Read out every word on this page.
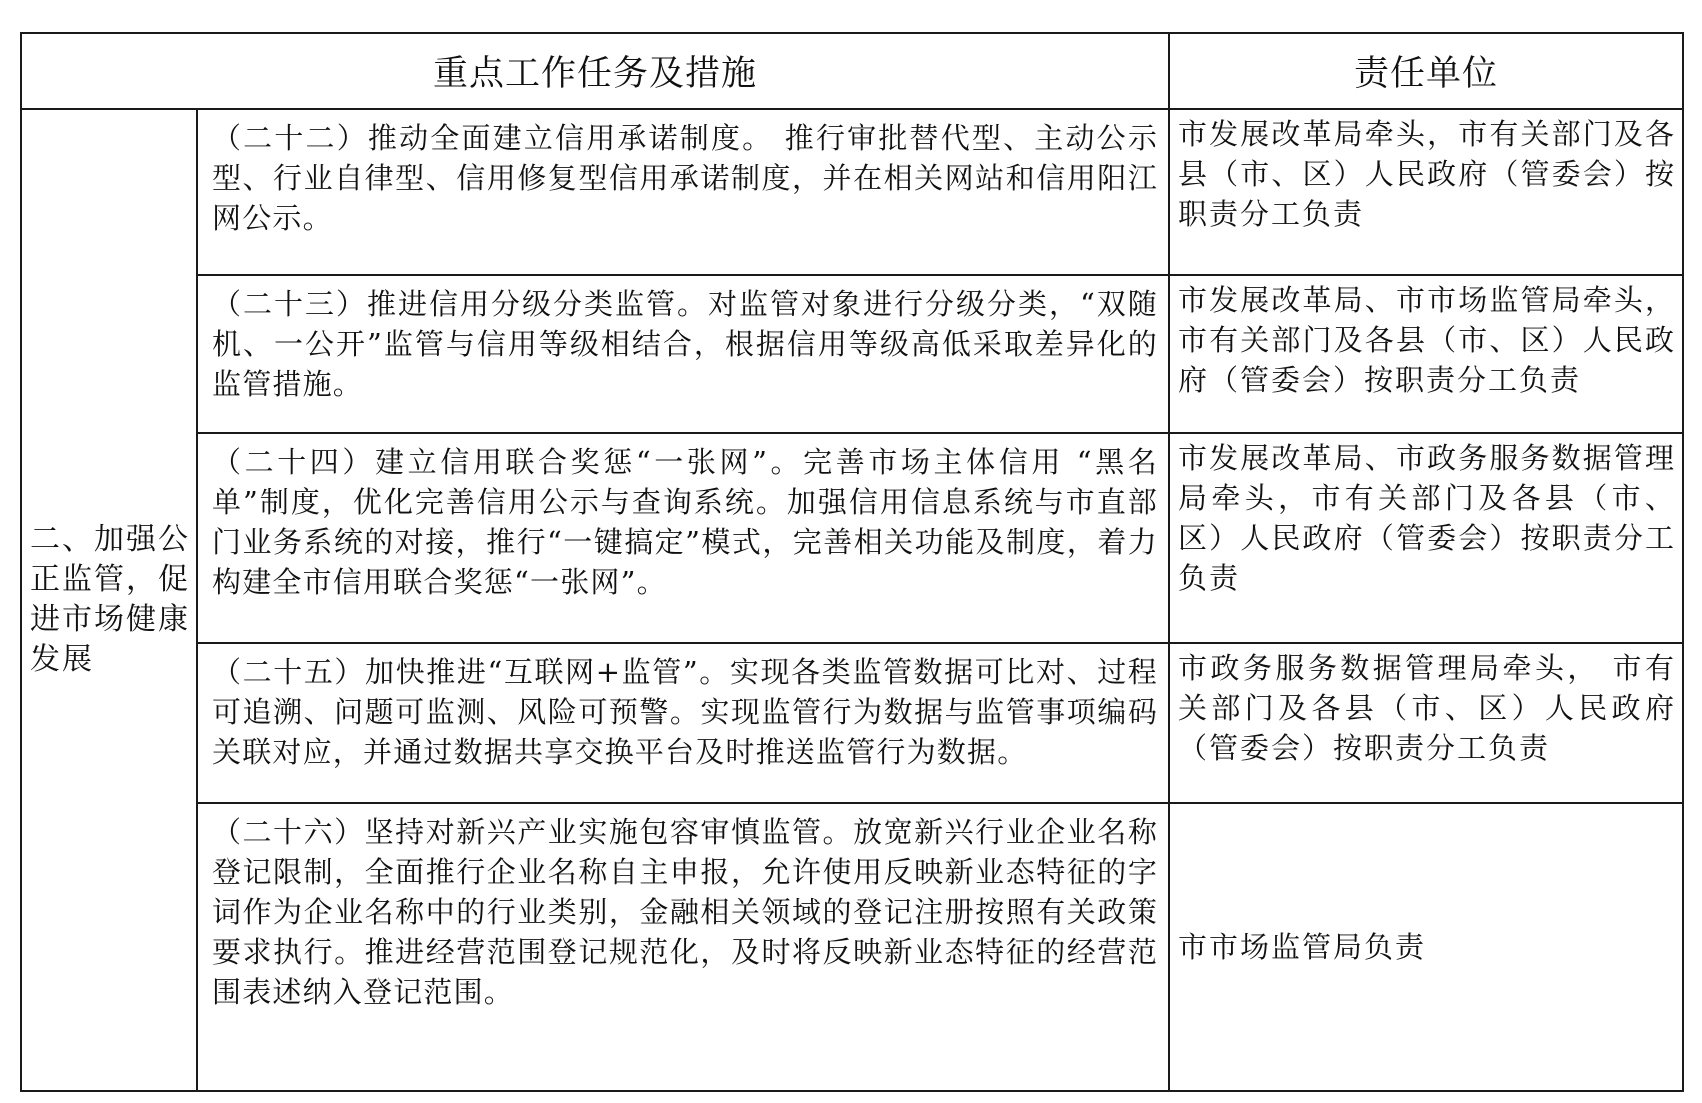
重点工作任务及措施		责任单位
二、加强公正监管，促进市场健康发展	（二十二）推动全面建立信用承诺制度。 推行审批替代型、主动公示型、行业自律型、信用修复型信用承诺制度，并在相关网站和信用阳江网公示。	市发展改革局牵头，市有关部门及各县（市、区）人民政府（管委会）按职责分工负责
	（二十三）推进信用分级分类监管。对监管对象进行分级分类，“双随机、一公开”监管与信用等级相结合，根据信用等级高低采取差异化的监管措施。	市发展改革局、市市场监管局牵头，市有关部门及各县（市、区）人民政府（管委会）按职责分工负责
	（二十四）建立信用联合奖惩“一张网”。完善市场主体信用 “黑名单”制度，优化完善信用公示与查询系统。加强信用信息系统与市直部门业务系统的对接，推行“一键搞定”模式，完善相关功能及制度，着力构建全市信用联合奖惩“一张网”。	市发展改革局、市政务服务数据管理局牵头，市有关部门及各县（市、区）人民政府（管委会）按职责分工负责
	（二十五）加快推进“互联网+监管”。实现各类监管数据可比对、过程可追溯、问题可监测、风险可预警。实现监管行为数据与监管事项编码关联对应，并通过数据共享交换平台及时推送监管行为数据。	市政务服务数据管理局牵头， 市有关部门及各县（市、区）人民政府（管委会）按职责分工负责
	（二十六）坚持对新兴产业实施包容审慎监管。放宽新兴行业企业名称登记限制，全面推行企业名称自主申报，允许使用反映新业态特征的字词作为企业名称中的行业类别，金融相关领域的登记注册按照有关政策要求执行。推进经营范围登记规范化，及时将反映新业态特征的经营范围表述纳入登记范围。	市市场监管局负责
